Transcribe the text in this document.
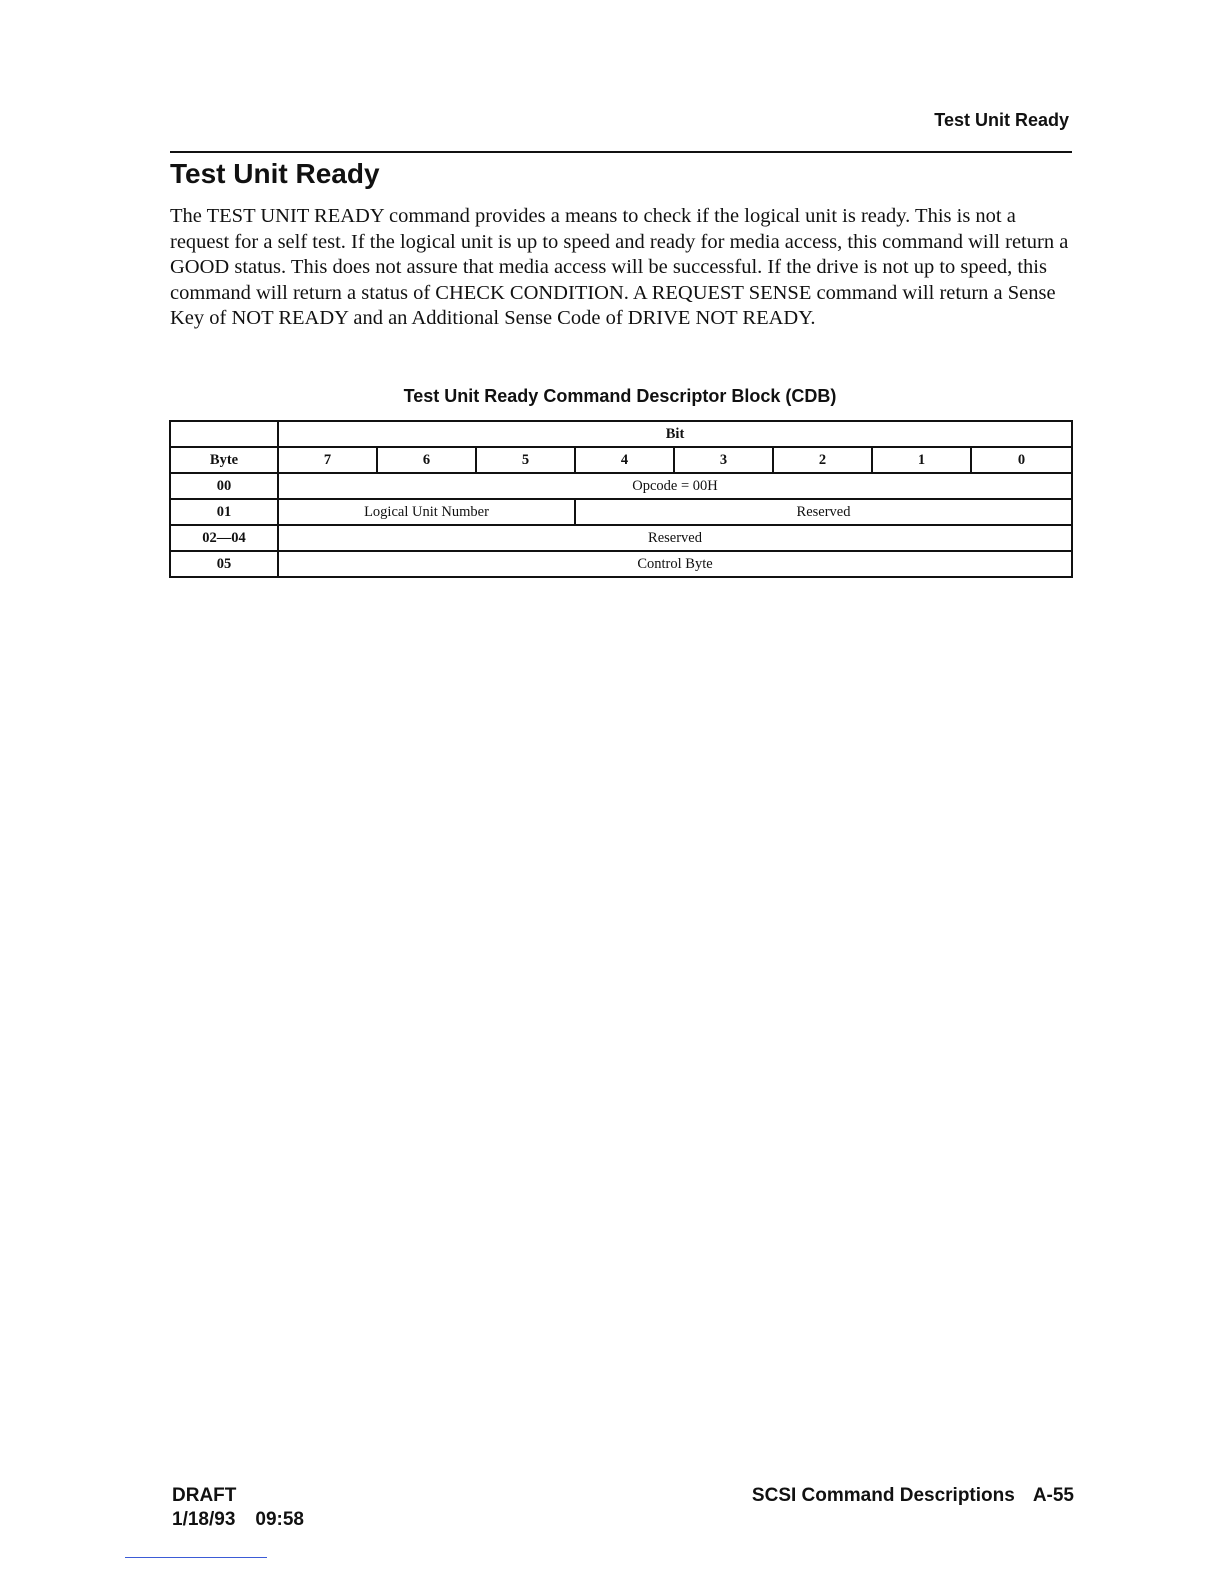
Test Unit Ready
Test Unit Ready

The TEST UNIT READY command provides a means to check if the logical unit is ready. This is not a request for a self test. If the logical unit is up to speed and ready for media access, this command will return a GOOD status. This does not assure that media access will be successful. If the drive is not up to speed, this command will return a status of CHECK CONDITION. A REQUEST SENSE command will return a Sense Key of NOT READY and an Additional Sense Code of DRIVE NOT READY.

Test Unit Ready Command Descriptor Block (CDB)
	Bit							
Byte	7	6	5	4	3	2	1	0
00	Opcode = 00H							
01	Logical Unit Number			Reserved				
02—04	Reserved							
05	Control Byte							
DRAFT
1/18/93 09:58
SCSI Command Descriptions A-55
